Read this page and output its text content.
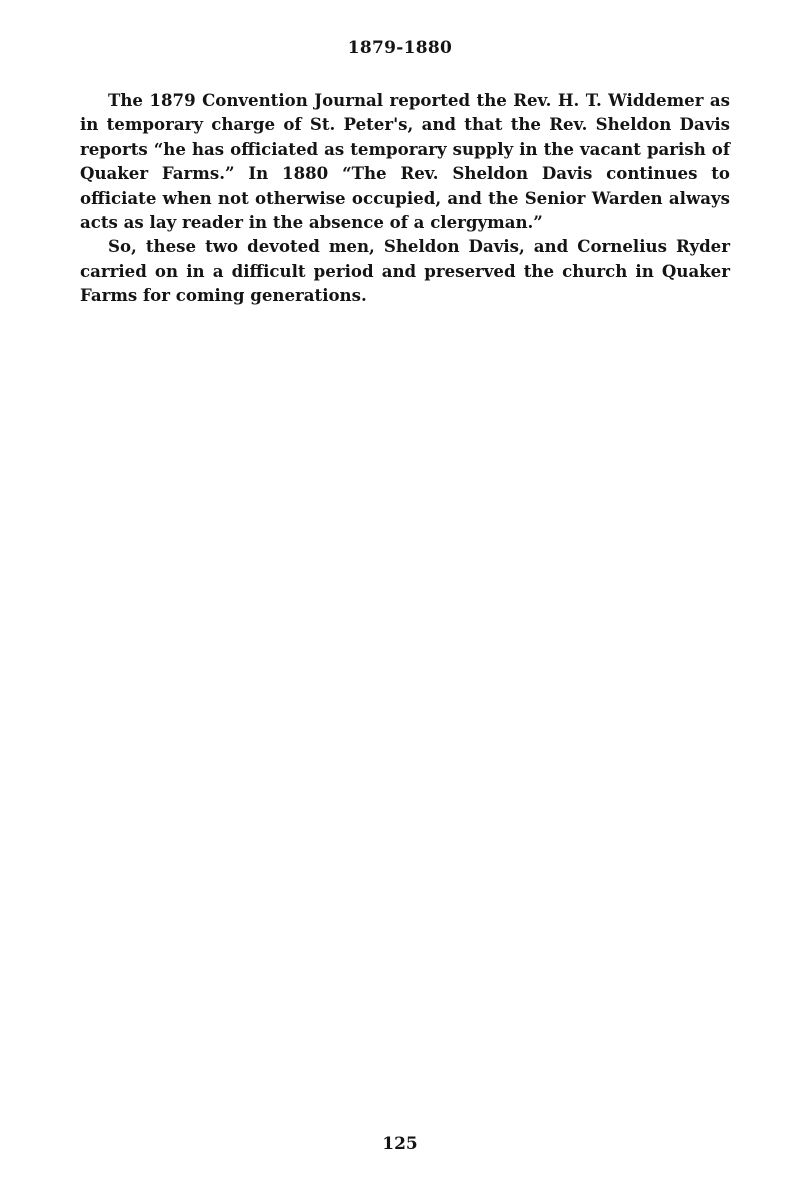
1879-1880

The 1879 Convention Journal reported the Rev. H. T. Widdemer as in temporary charge of St. Peter's, and that the Rev. Sheldon Davis reports “he has officiated as temporary supply in the vacant parish of Quaker Farms.” In 1880 “The Rev. Sheldon Davis continues to officiate when not otherwise occupied, and the Senior Warden always acts as lay reader in the absence of a clergyman.”

So, these two devoted men, Sheldon Davis, and Cornelius Ryder carried on in a difficult period and preserved the church in Quaker Farms for coming generations.

125
